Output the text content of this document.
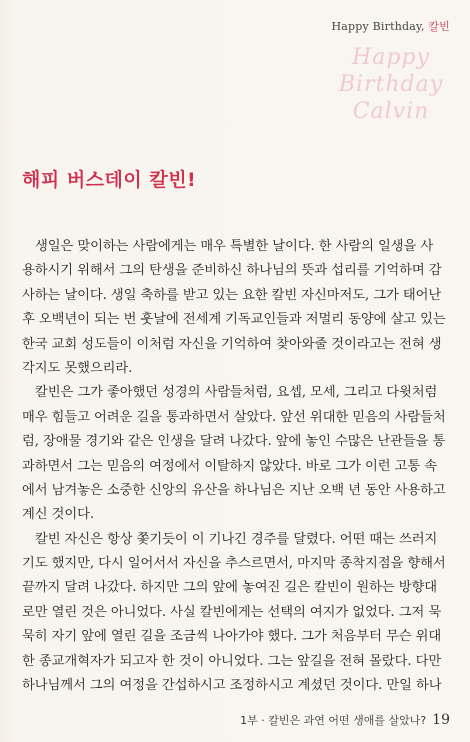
Happy Birthday, 칼빈
Happy
Birthday
Calvin
해피 버스데이 칼빈!
생일은 맞이하는 사람에게는 매우 특별한 날이다. 한 사람의 일생을 사
용하시기 위해서 그의 탄생을 준비하신 하나님의 뜻과 섭리를 기억하며 감
사하는 날이다. 생일 축하를 받고 있는 요한 칼빈 자신마저도, 그가 태어난
후 오백년이 되는 번 훗날에 전세계 기독교인들과 저멀리 동양에 살고 있는
한국 교회 성도들이 이처럼 자신을 기억하여 찾아와줄 것이라고는 전혀 생
각지도 못했으리라.
칼빈은 그가 좋아했던 성경의 사람들처럼, 요셉, 모세, 그리고 다윗처럼
매우 힘들고 어려운 길을 통과하면서 살았다. 앞선 위대한 믿음의 사람들처
럼, 장애물 경기와 같은 인생을 달려 나갔다. 앞에 놓인 수많은 난관들을 통
과하면서 그는 믿음의 여정에서 이탈하지 않았다. 바로 그가 이런 고통 속
에서 남겨놓은 소중한 신앙의 유산을 하나님은 지난 오백 년 동안 사용하고
계신 것이다.
칼빈 자신은 항상 쫓기듯이 이 기나긴 경주를 달렸다. 어떤 때는 쓰러지
기도 했지만, 다시 일어서서 자신을 추스르면서, 마지막 종착지점을 향해서
끝까지 달려 나갔다. 하지만 그의 앞에 놓여진 길은 칼빈이 원하는 방향대
로만 열린 것은 아니었다. 사실 칼빈에게는 선택의 여지가 없었다. 그저 묵
묵히 자기 앞에 열린 길을 조금씩 나아가야 했다. 그가 처음부터 무슨 위대
한 종교개혁자가 되고자 한 것이 아니었다. 그는 앞길을 전혀 몰랐다. 다만
하나님께서 그의 여정을 간섭하시고 조정하시고 계셨던 것이다. 만일 하나
1부 · 칼빈은 과연 어떤 생애를 살았나? 19
